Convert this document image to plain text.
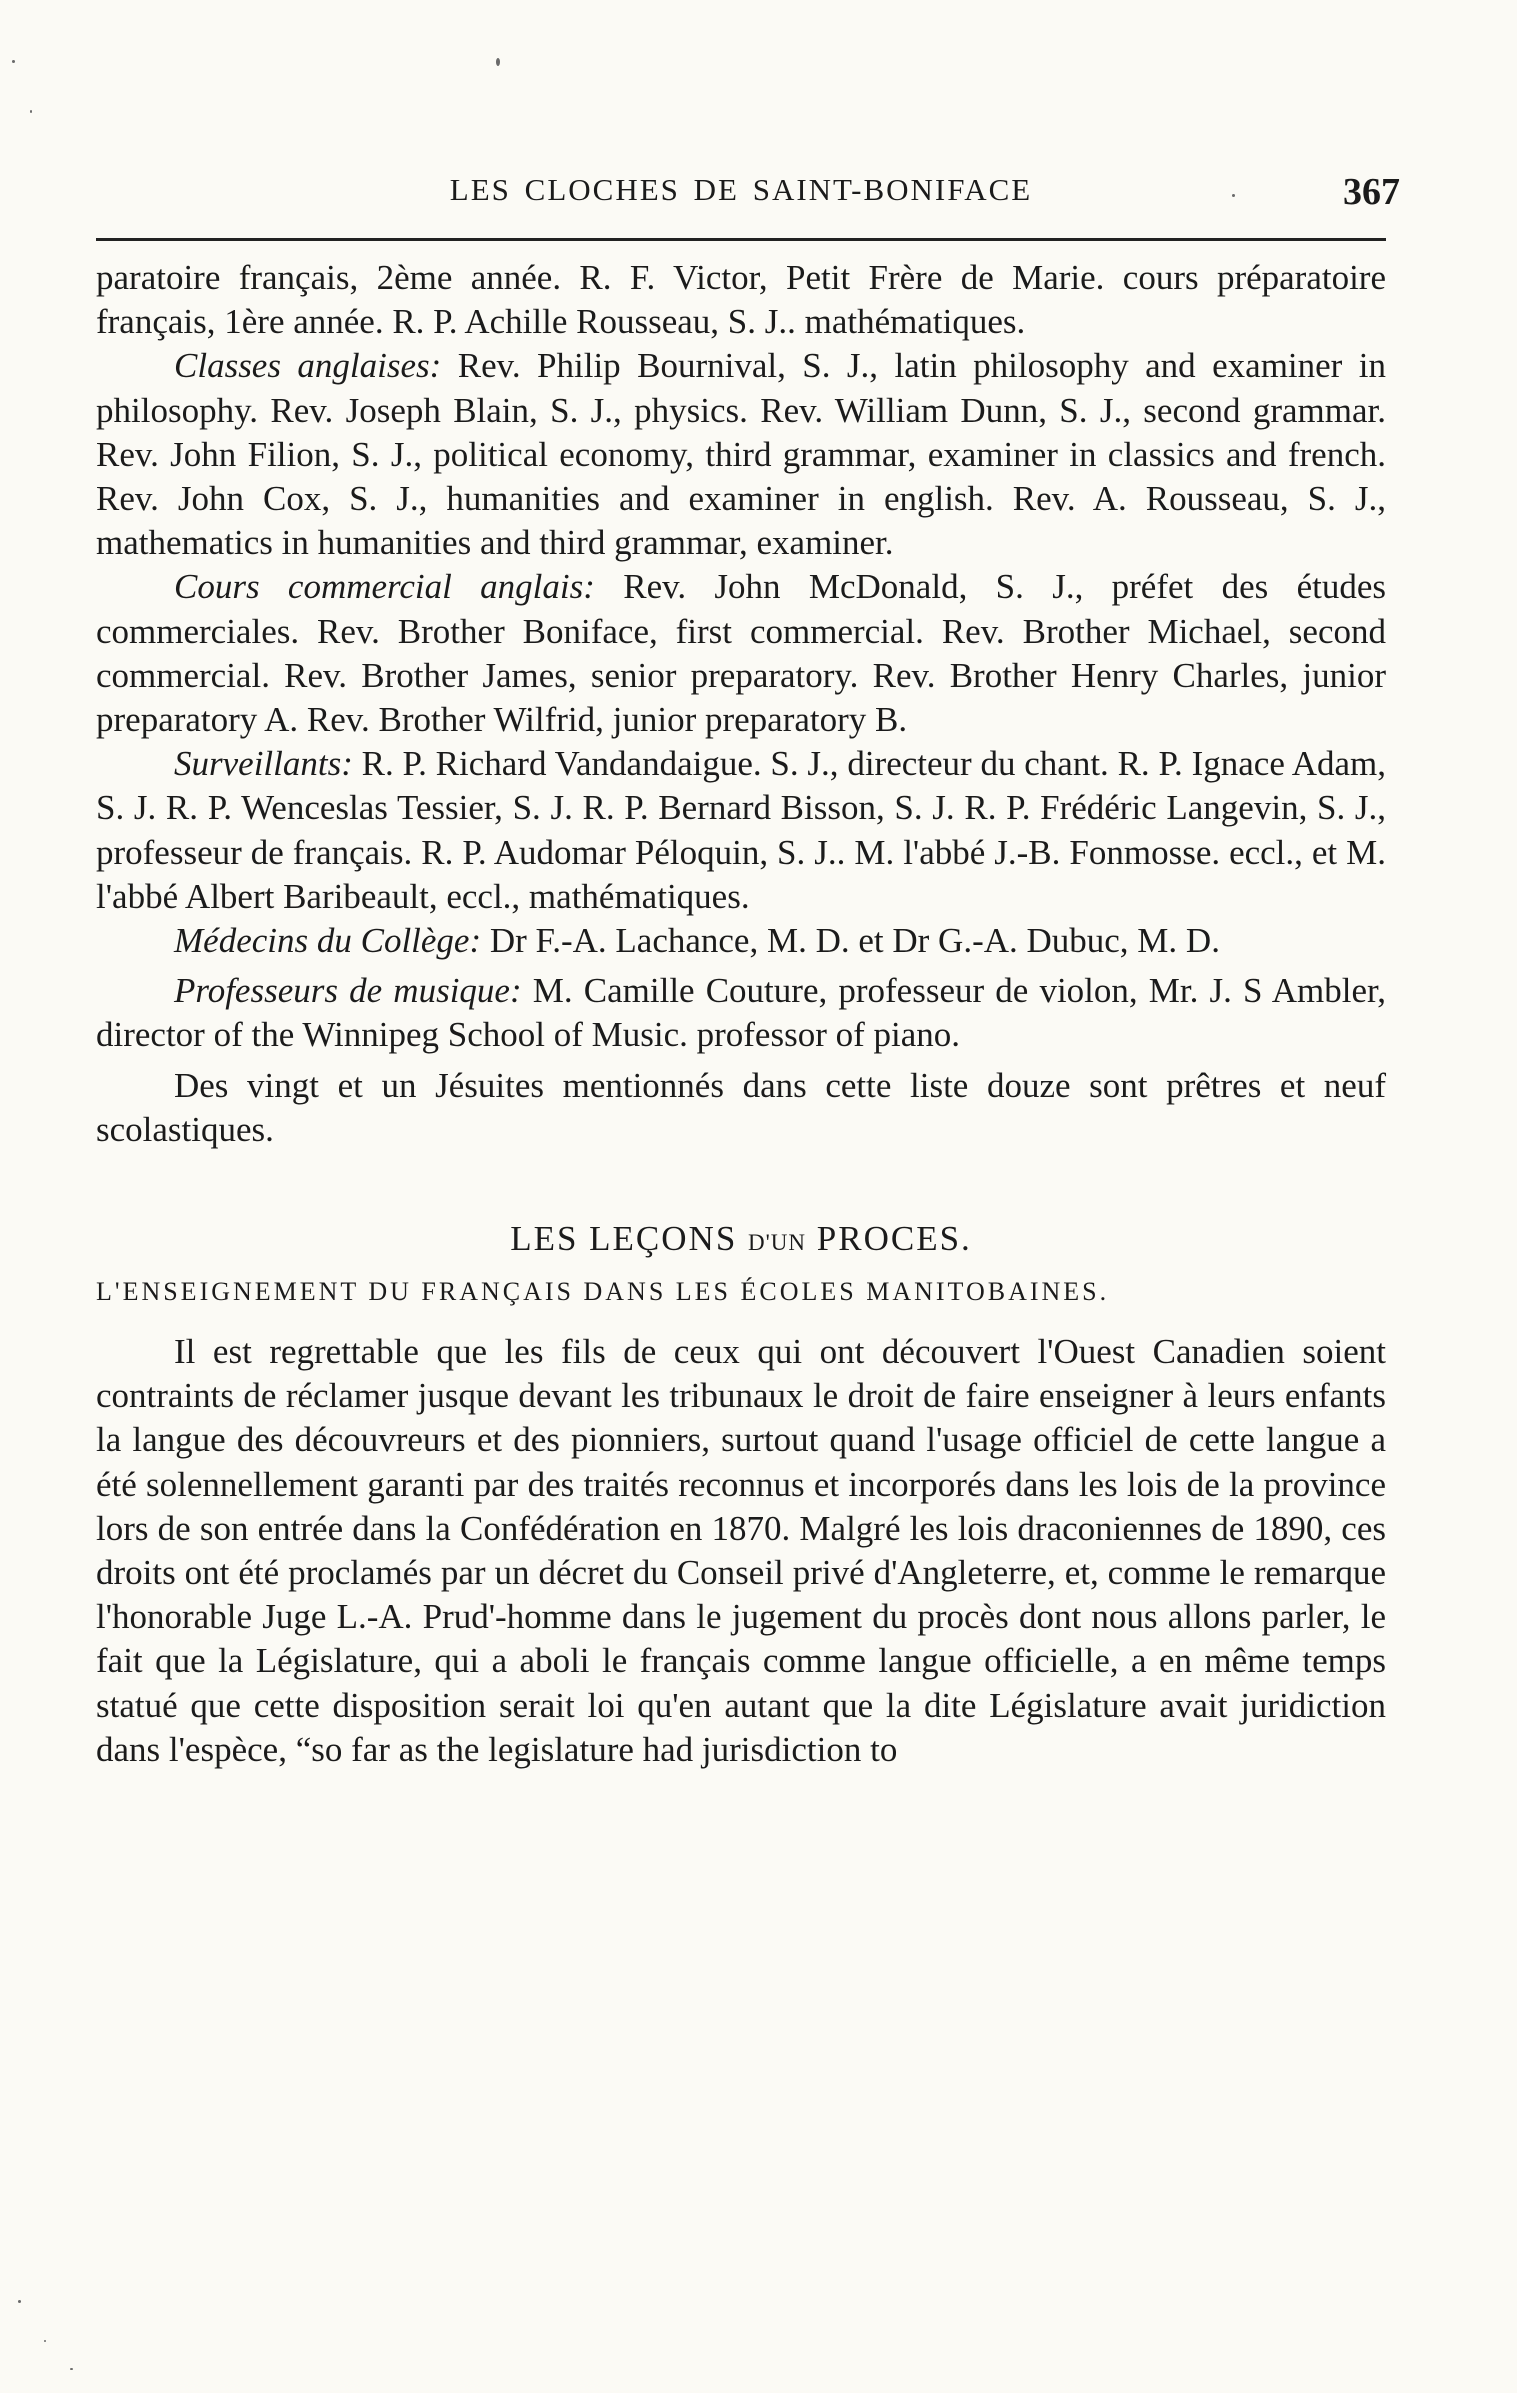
LES CLOCHES DE SAINT-BONIFACE	367

paratoire français, 2ème année. R. F. Victor, Petit Frère de Marie. cours préparatoire français, 1ère année. R. P. Achille Rousseau, S. J.. mathématiques.

Classes anglaises: Rev. Philip Bournival, S. J., latin philosophy and examiner in philosophy. Rev. Joseph Blain, S. J., physics. Rev. William Dunn, S. J., second grammar. Rev. John Filion, S. J., political economy, third grammar, examiner in classics and french. Rev. John Cox, S. J., humanities and examiner in english. Rev. A. Rousseau, S. J., mathematics in humanities and third grammar, examiner.

Cours commercial anglais: Rev. John McDonald, S. J., préfet des études commerciales. Rev. Brother Boniface, first commercial. Rev. Brother Michael, second commercial. Rev. Brother James, senior preparatory. Rev. Brother Henry Charles, junior preparatory A. Rev. Brother Wilfrid, junior preparatory B.

Surveillants: R. P. Richard Vandandaigue. S. J., directeur du chant. R. P. Ignace Adam, S. J. R. P. Wenceslas Tessier, S. J. R. P. Bernard Bisson, S. J. R. P. Frédéric Langevin, S. J., professeur de français. R. P. Audomar Péloquin, S. J.. M. l'abbé J.-B. Fonmosse. eccl., et M. l'abbé Albert Baribeault, eccl., mathématiques.

Médecins du Collège: Dr F.-A. Lachance, M. D. et Dr G.-A. Dubuc, M. D.

Professeurs de musique: M. Camille Couture, professeur de violon, Mr. J. S Ambler, director of the Winnipeg School of Music. professor of piano.

Des vingt et un Jésuites mentionnés dans cette liste douze sont prêtres et neuf scolastiques.

LES LEÇONS D'UN PROCES.
L'ENSEIGNEMENT DU FRANÇAIS DANS LES ÉCOLES MANITOBAINES.

Il est regrettable que les fils de ceux qui ont découvert l'Ouest Canadien soient contraints de réclamer jusque devant les tribunaux le droit de faire enseigner à leurs enfants la langue des découvreurs et des pionniers, surtout quand l'usage officiel de cette langue a été solennellement garanti par des traités reconnus et incorporés dans les lois de la province lors de son entrée dans la Confédération en 1870. Malgré les lois draconiennes de 1890, ces droits ont été proclamés par un décret du Conseil privé d'Angleterre, et, comme le remarque l'honorable Juge L.-A. Prud'-homme dans le jugement du procès dont nous allons parler, le fait que la Législature, qui a aboli le français comme langue officielle, a en même temps statué que cette disposition serait loi qu'en autant que la dite Législature avait juridiction dans l'espèce, “so far as the legislature had jurisdiction to
